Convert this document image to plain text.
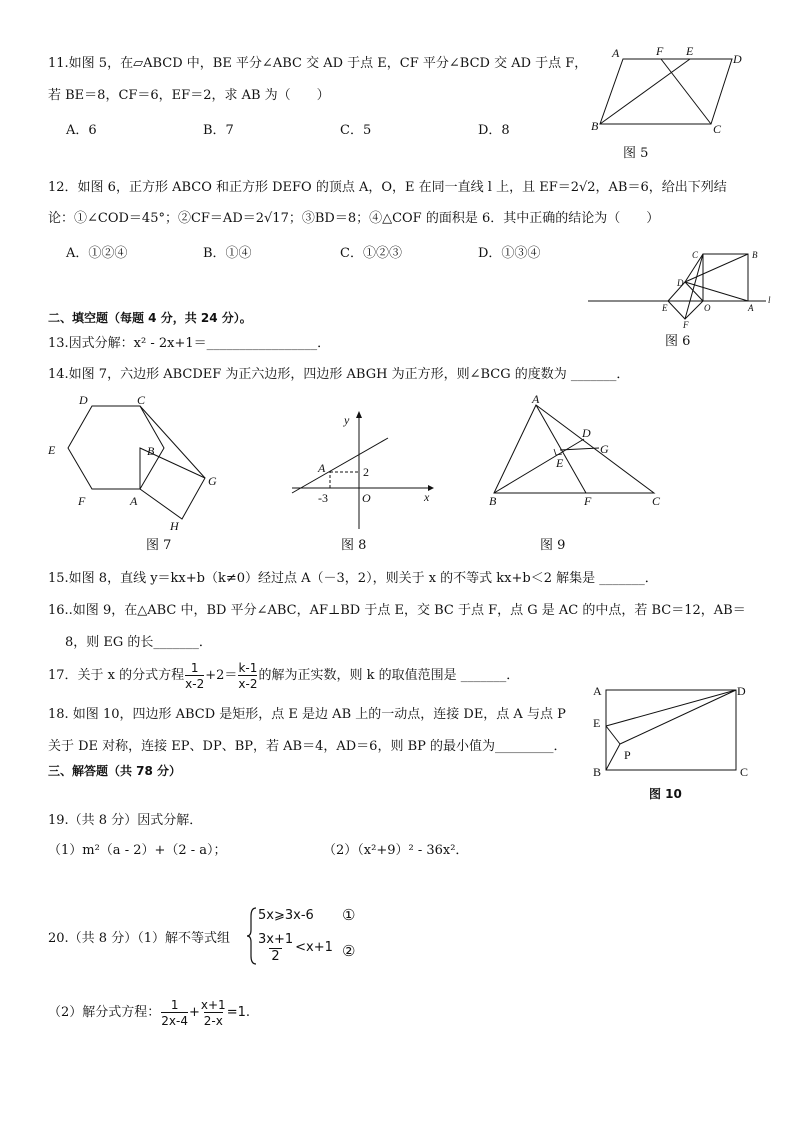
11.如图 5，在▱ABCD 中，BE 平分∠ABC 交 AD 于点 E，CF 平分∠BCD 交 AD 于点 F，
若 BE＝8，CF＝6，EF＝2，求 AB 为（　　）
A．6	B．7	C．5	D．8
A	F E
D
B	C
图 5
12．如图 6，正方形 ABCO 和正方形 DEFO 的顶点 A，O，E 在同一直线 l 上，且 EF＝2√2，AB＝6，给出下列结
论：①∠COD＝45°；②CF＝AD＝2√17；③BD＝8；④△COF 的面积是 6．其中正确的结论为（　　）
A．①②④	B．①④	C．①②③	D．①③④	C	B
D
E	O	A
F
l
图 6
二、填空题（每题 4 分，共 24 分）。
13.因式分解：x² - 2x+1＝_________________．
14.如图 7，六边形 ABCDEF 为正六边形，四边形 ABGH 为正方形，则∠BCG 的度数为 _______．
D	C
E	B
G
F	A
H
图 7
y
A	2
-3	O	x
图 8
A
D
E
G
B	F	C
图 9
15.如图 8，直线 y＝kx+b（k≠0）经过点 A（－3，2），则关于 x 的不等式 kx+b＜2 解集是 _______．
16..如图 9，在△ABC 中，BD 平分∠ABC，AF⊥BD 于点 E，交 BC 于点 F，点 G 是 AC 的中点，若 BC＝12，AB＝
8，则 EG 的长_______．
17．关于 x 的分式方程 $\frac{1}{x-2} +2= \frac{k-1}{x-2}$ 的解为正实数，则 k 的取值范围是 _______．
18. 如图 10，四边形 ABCD 是矩形，点 E 是边 AB 上的一动点，连接 DE，点 A 与点 P
关于 DE 对称，连接 EP、DP、BP，若 AB＝4，AD＝6，则 BP 的最小值为_________．
A	D
E
P
B	C
图 10
三、解答题（共 78 分）
19.（共 8 分）因式分解．
（1）m²（a - 2）+（2 - a）；	（2）（x²+9）² - 36x²．
20.（共 8 分）（1）解不等式组
5x⩾3x-6 ①
$\frac{3x+1}{2} <x+1$ ②
（2）解分式方程： $\frac{1}{2x-4} + \frac{x+1}{2-x} =1$.
